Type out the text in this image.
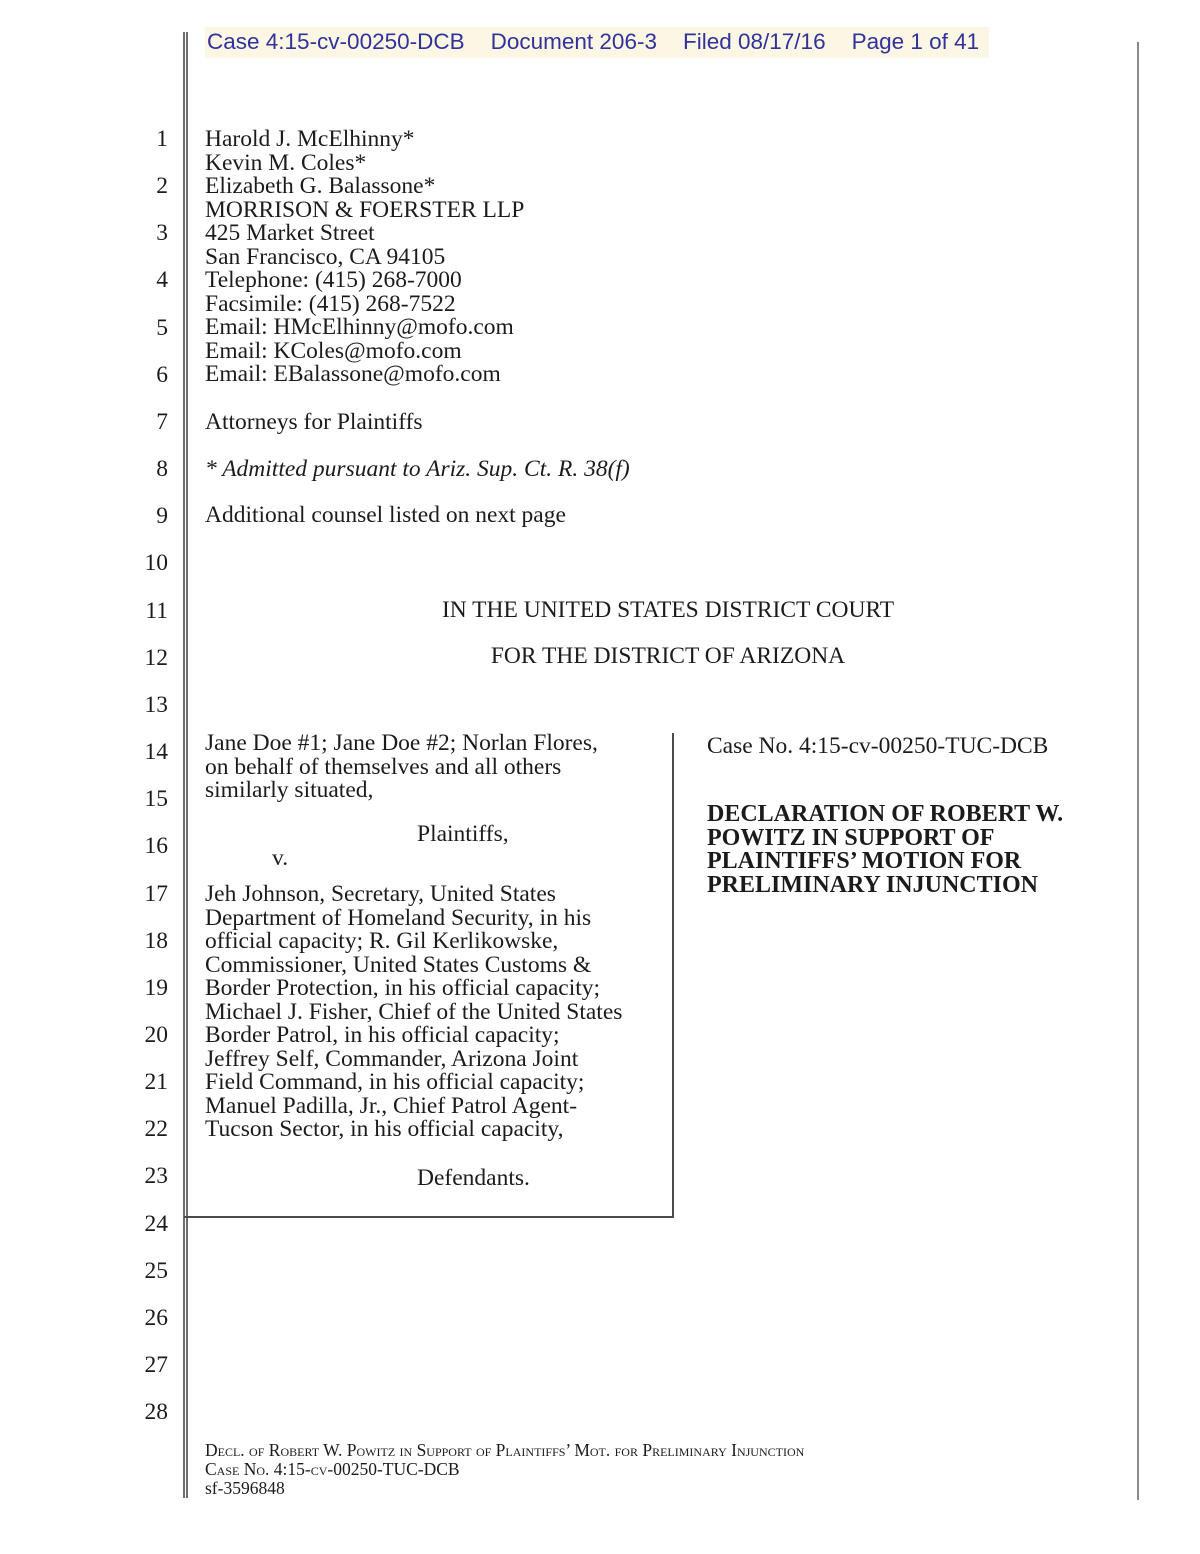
Case 4:15-cv-00250-DCB Document 206-3 Filed 08/17/16 Page 1 of 41
1
2
3
4
5
6
7
8
9
10
11
12
13
14
15
16
17
18
19
20
21
22
23
24
25
26
27
28
Harold J. McElhinny*
Kevin M. Coles*
Elizabeth G. Balassone*
MORRISON & FOERSTER LLP
425 Market Street
San Francisco, CA 94105
Telephone: (415) 268-7000
Facsimile: (415) 268-7522
Email: HMcElhinny@mofo.com
Email: KColes@mofo.com
Email: EBalassone@mofo.com
Attorneys for Plaintiffs
* Admitted pursuant to Ariz. Sup. Ct. R. 38(f)
Additional counsel listed on next page
IN THE UNITED STATES DISTRICT COURT
FOR THE DISTRICT OF ARIZONA
Jane Doe #1; Jane Doe #2; Norlan Flores,
on behalf of themselves and all others
similarly situated,
Plaintiffs,
v.
Jeh Johnson, Secretary, United States
Department of Homeland Security, in his
official capacity; R. Gil Kerlikowske,
Commissioner, United States Customs &
Border Protection, in his official capacity;
Michael J. Fisher, Chief of the United States
Border Patrol, in his official capacity;
Jeffrey Self, Commander, Arizona Joint
Field Command, in his official capacity;
Manuel Padilla, Jr., Chief Patrol Agent-
Tucson Sector, in his official capacity,
Defendants.
Case No. 4:15-cv-00250-TUC-DCB
DECLARATION OF ROBERT W.
POWITZ IN SUPPORT OF
PLAINTIFFS’ MOTION FOR
PRELIMINARY INJUNCTION
Decl. of Robert W. Powitz in Support of Plaintiffs’ Mot. for Preliminary Injunction
Case No. 4:15-cv-00250-TUC-DCB
sf-3596848
